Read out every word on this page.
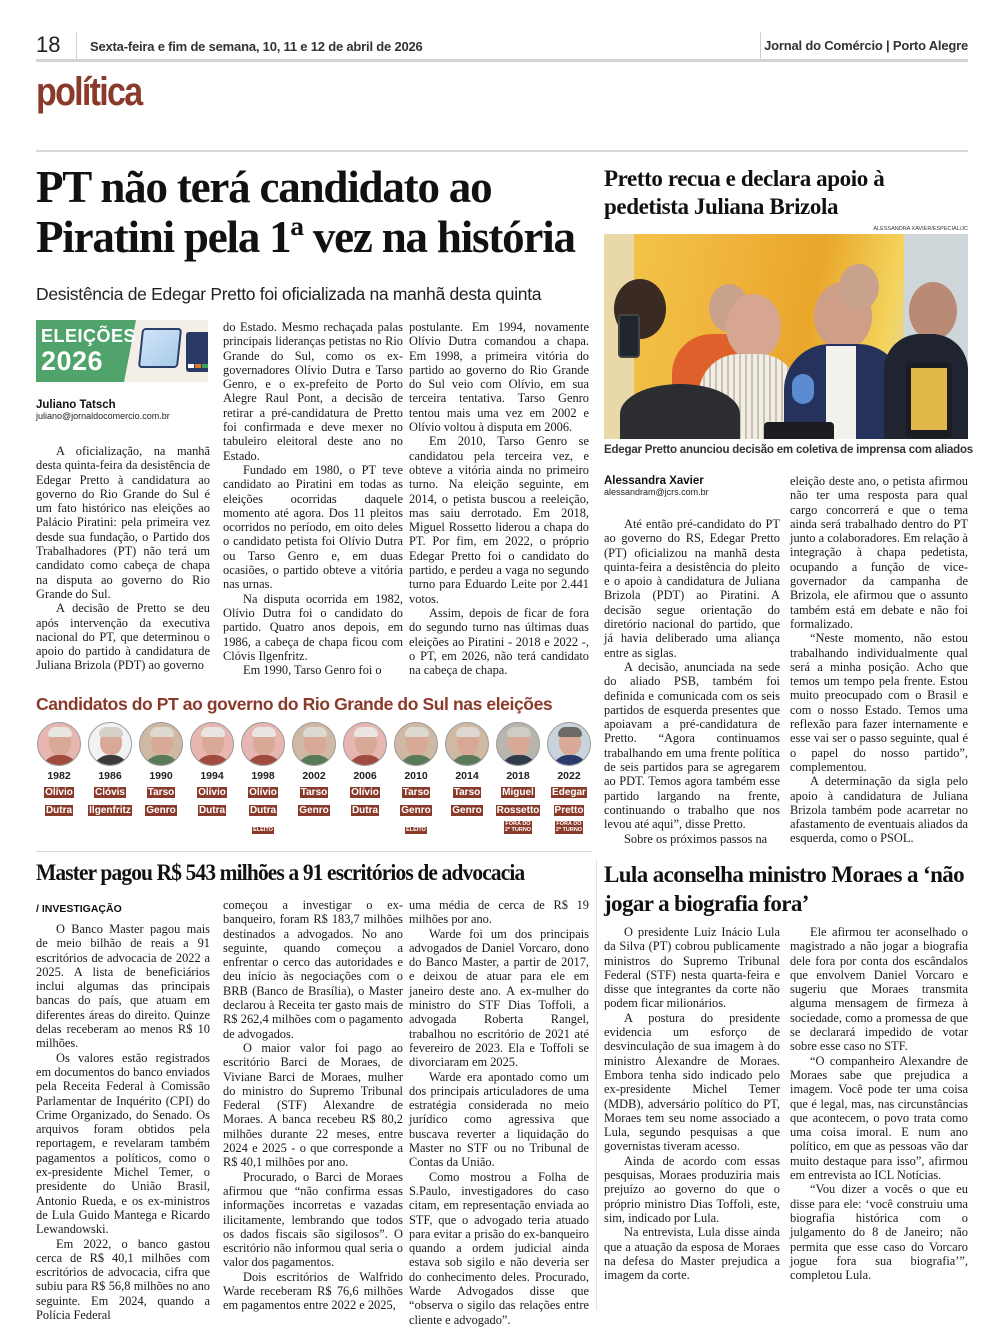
18 Sexta-feira e fim de semana, 10, 11 e 12 de abril de 2026	Jornal do Comércio | Porto Alegre
política
PT não terá candidato ao Piratini pela 1ª vez na história
Desistência de Edegar Pretto foi oficializada na manhã desta quinta
ELEIÇÕES
2026
Juliano Tatsch
juliano@jornaldocomercio.com.br

A oficialização, na manhã desta quinta-feira da desistência de Edegar Pretto à candidatura ao governo do Rio Grande do Sul é um fato histórico nas eleições ao Palácio Piratini: pela primeira vez desde sua fundação, o Partido dos Trabalhadores (PT) não terá um candidato como cabeça de chapa na disputa ao governo do Rio Grande do Sul.

A decisão de Pretto se deu após intervenção da executiva nacional do PT, que determinou o apoio do partido à candidatura de Juliana Brizola (PDT) ao governo

do Estado. Mesmo rechaçada palas principais lideranças petistas no Rio Grande do Sul, como os ex-governadores Olívio Dutra e Tarso Genro, e o ex-prefeito de Porto Alegre Raul Pont, a decisão de retirar a pré-candidatura de Pretto foi confirmada e deve mexer no tabuleiro eleitoral deste ano no Estado.

Fundado em 1980, o PT teve candidato ao Piratini em todas as eleições ocorridas daquele momento até agora. Dos 11 pleitos ocorridos no período, em oito deles o candidato petista foi Olívio Dutra ou Tarso Genro e, em duas ocasiões, o partido obteve a vitória nas urnas.

Na disputa ocorrida em 1982, Olívio Dutra foi o candidato do partido. Quatro anos depois, em 1986, a cabeça de chapa ficou com Clóvis Ilgenfritz.

Em 1990, Tarso Genro foi o

postulante. Em 1994, novamente Olívio Dutra comandou a chapa. Em 1998, a primeira vitória do partido ao governo do Rio Grande do Sul veio com Olívio, em sua terceira tentativa. Tarso Genro tentou mais uma vez em 2002 e Olívio voltou à disputa em 2006.

Em 2010, Tarso Genro se candidatou pela terceira vez, e obteve a vitória ainda no primeiro turno. Na eleição seguinte, em 2014, o petista buscou a reeleição, mas saiu derrotado. Em 2018, Miguel Rossetto liderou a chapa do PT. Por fim, em 2022, o próprio Edegar Pretto foi o candidato do partido, e perdeu a vaga no segundo turno para Eduardo Leite por 2.441 votos.

Assim, depois de ficar de fora do segundo turno nas últimas duas eleições ao Piratini - 2018 e 2022 -, o PT, em 2026, não terá candidato na cabeça de chapa.

Candidatos do PT ao governo do Rio Grande do Sul nas eleições
1982
Olívio
Dutra
1986
Clóvis
Ilgenfritz
1990
Tarso
Genro
1994
Olívio
Dutra
1998
Olívio
Dutra
ELEITO
2002
Tarso
Genro
2006
Olívio
Dutra
2010
Tarso
Genro
ELEITO
2014
Tarso
Genro
2018
Miguel
Rossetto
FORA DO
2º TURNO
2022
Edegar
Pretto
FORA DO
2º TURNO
Pretto recua e declara apoio à pedetista Juliana Brizola
ALESSANDRA XAVIER/ESPECIAL/JC
Edegar Pretto anunciou decisão em coletiva de imprensa com aliados
Alessandra Xavier
alessandram@jcrs.com.br

Até então pré-candidato do PT ao governo do RS, Edegar Pretto (PT) oficializou na manhã desta quinta-feira a desistência do pleito e o apoio à candidatura de Juliana Brizola (PDT) ao Piratini. A decisão segue orientação do diretório nacional do partido, que já havia deliberado uma aliança entre as siglas.

A decisão, anunciada na sede do aliado PSB, também foi definida e comunicada com os seis partidos de esquerda presentes que apoiavam a pré-candidatura de Pretto. “Agora continuamos trabalhando em uma frente política de seis partidos para se agregarem ao PDT. Temos agora também esse partido largando na frente, continuando o trabalho que nos levou até aqui”, disse Pretto.

Sobre os próximos passos na

eleição deste ano, o petista afirmou não ter uma resposta para qual cargo concorrerá e que o tema ainda será trabalhado dentro do PT junto a colaboradores. Em relação à integração à chapa pedetista, ocupando a função de vice-governador da campanha de Brizola, ele afirmou que o assunto também está em debate e não foi formalizado.

“Neste momento, não estou trabalhando individualmente qual será a minha posição. Acho que temos um tempo pela frente. Estou muito preocupado com o Brasil e com o nosso Estado. Temos uma reflexão para fazer internamente e esse vai ser o passo seguinte, qual é o papel do nosso partido”, complementou.

A determinação da sigla pelo apoio à candidatura de Juliana Brizola também pode acarretar no afastamento de eventuais aliados da esquerda, como o PSOL.

Master pagou R$ 543 milhões a 91 escritórios de advocacia
/ INVESTIGAÇÃO

O Banco Master pagou mais de meio bilhão de reais a 91 escritórios de advocacia de 2022 a 2025. A lista de beneficiários inclui algumas das principais bancas do país, que atuam em diferentes áreas do direito. Quinze delas receberam ao menos R$ 10 milhões.

Os valores estão registrados em documentos do banco enviados pela Receita Federal à Comissão Parlamentar de Inquérito (CPI) do Crime Organizado, do Senado. Os arquivos foram obtidos pela reportagem, e revelaram também pagamentos a políticos, como o ex-presidente Michel Temer, o presidente do União Brasil, Antonio Rueda, e os ex-ministros de Lula Guido Mantega e Ricardo Lewandowski.

Em 2022, o banco gastou cerca de R$ 40,1 milhões com escritórios de advocacia, cifra que subiu para R$ 56,8 milhões no ano seguinte. Em 2024, quando a Polícia Federal

começou a investigar o ex-banqueiro, foram R$ 183,7 milhões destinados a advogados. No ano seguinte, quando começou a enfrentar o cerco das autoridades e deu início às negociações com o BRB (Banco de Brasília), o Master declarou à Receita ter gasto mais de R$ 262,4 milhões com o pagamento de advogados.

O maior valor foi pago ao escritório Barci de Moraes, de Viviane Barci de Moraes, mulher do ministro do Supremo Tribunal Federal (STF) Alexandre de Moraes. A banca recebeu R$ 80,2 milhões durante 22 meses, entre 2024 e 2025 - o que corresponde a R$ 40,1 milhões por ano.

Procurado, o Barci de Moraes afirmou que “não confirma essas informações incorretas e vazadas ilicitamente, lembrando que todos os dados fiscais são sigilosos”. O escritório não informou qual seria o valor dos pagamentos.

Dois escritórios de Walfrido Warde receberam R$ 76,6 milhões em pagamentos entre 2022 e 2025,

uma média de cerca de R$ 19 milhões por ano.

Warde foi um dos principais advogados de Daniel Vorcaro, dono do Banco Master, a partir de 2017, e deixou de atuar para ele em janeiro deste ano. A ex-mulher do ministro do STF Dias Toffoli, a advogada Roberta Rangel, trabalhou no escritório de 2021 até fevereiro de 2023. Ela e Toffoli se divorciaram em 2025.

Warde era apontado como um dos principais articuladores de uma estratégia considerada no meio jurídico como agressiva que buscava reverter a liquidação do Master no STF ou no Tribunal de Contas da União.

Como mostrou a Folha de S.Paulo, investigadores do caso citam, em representação enviada ao STF, que o advogado teria atuado para evitar a prisão do ex-banqueiro quando a ordem judicial ainda estava sob sigilo e não deveria ser do conhecimento deles. Procurado, Warde Advogados disse que “observa o sigilo das relações entre cliente e advogado”.

Lula aconselha ministro Moraes a ‘não jogar a biografia fora’

O presidente Luiz Inácio Lula da Silva (PT) cobrou publicamente ministros do Supremo Tribunal Federal (STF) nesta quarta-feira e disse que integrantes da corte não podem ficar milionários.

A postura do presidente evidencia um esforço de desvinculação de sua imagem à do ministro Alexandre de Moraes. Embora tenha sido indicado pelo ex-presidente Michel Temer (MDB), adversário político do PT, Moraes tem seu nome associado a Lula, segundo pesquisas a que governistas tiveram acesso.

Ainda de acordo com essas pesquisas, Moraes produziria mais prejuízo ao governo do que o próprio ministro Dias Toffoli, este, sim, indicado por Lula.

Na entrevista, Lula disse ainda que a atuação da esposa de Moraes na defesa do Master prejudica a imagem da corte.

Ele afirmou ter aconselhado o magistrado a não jogar a biografia dele fora por conta dos escândalos que envolvem Daniel Vorcaro e sugeriu que Moraes transmita alguma mensagem de firmeza à sociedade, como a promessa de que se declarará impedido de votar sobre esse caso no STF.

“O companheiro Alexandre de Moraes sabe que prejudica a imagem. Você pode ter uma coisa que é legal, mas, nas circunstâncias que acontecem, o povo trata como uma coisa imoral. E num ano político, em que as pessoas vão dar muito destaque para isso”, afirmou em entrevista ao ICL Notícias.

“Vou dizer a vocês o que eu disse para ele: ‘você construiu uma biografia histórica com o julgamento do 8 de Janeiro; não permita que esse caso do Vorcaro jogue fora sua biografia’”, completou Lula.
